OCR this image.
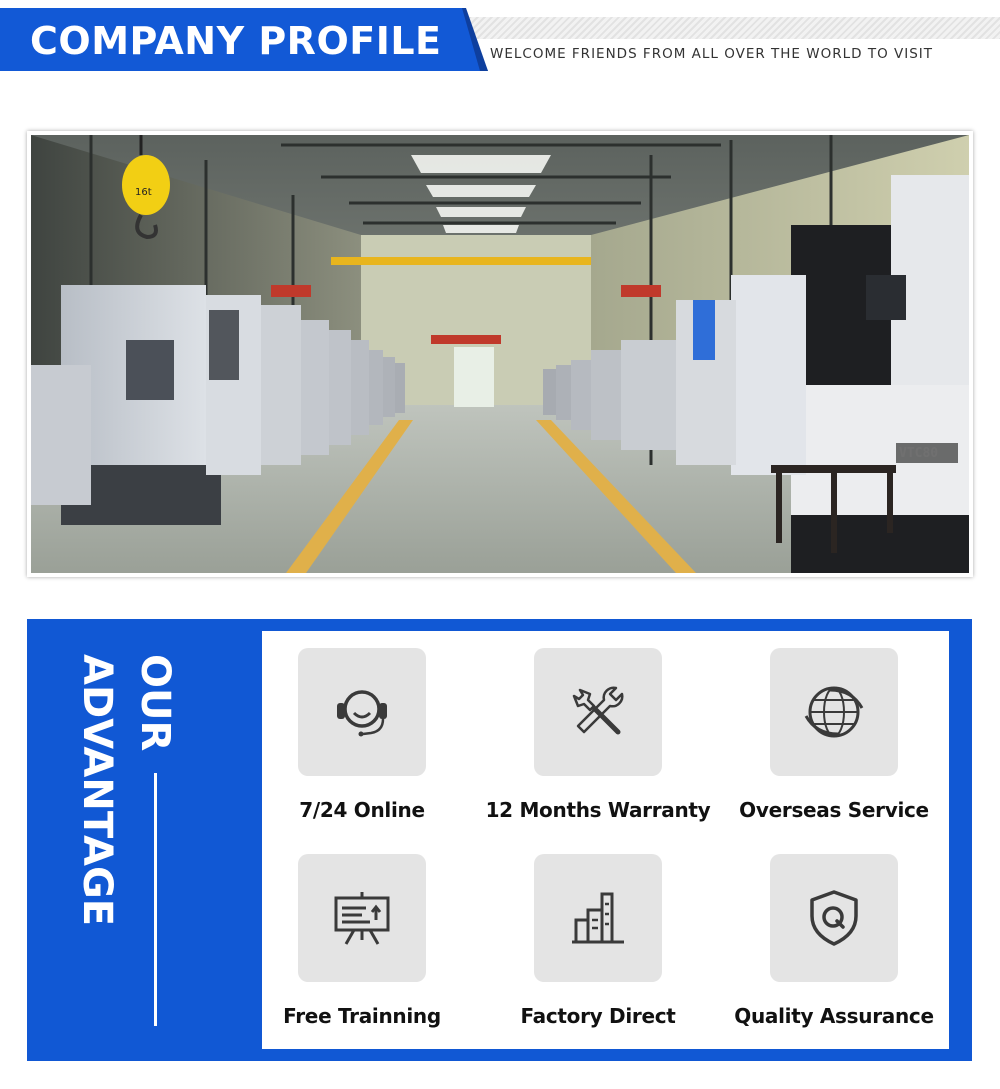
COMPANY PROFILE	WELCOME FRIENDS FROM ALL OVER THE WORLD TO VISIT
16t
OUR
ADVANTAGE	7/24 Online	12 Months Warranty	Overseas Service
Free Trainning	Factory Direct	Quality Assurance
